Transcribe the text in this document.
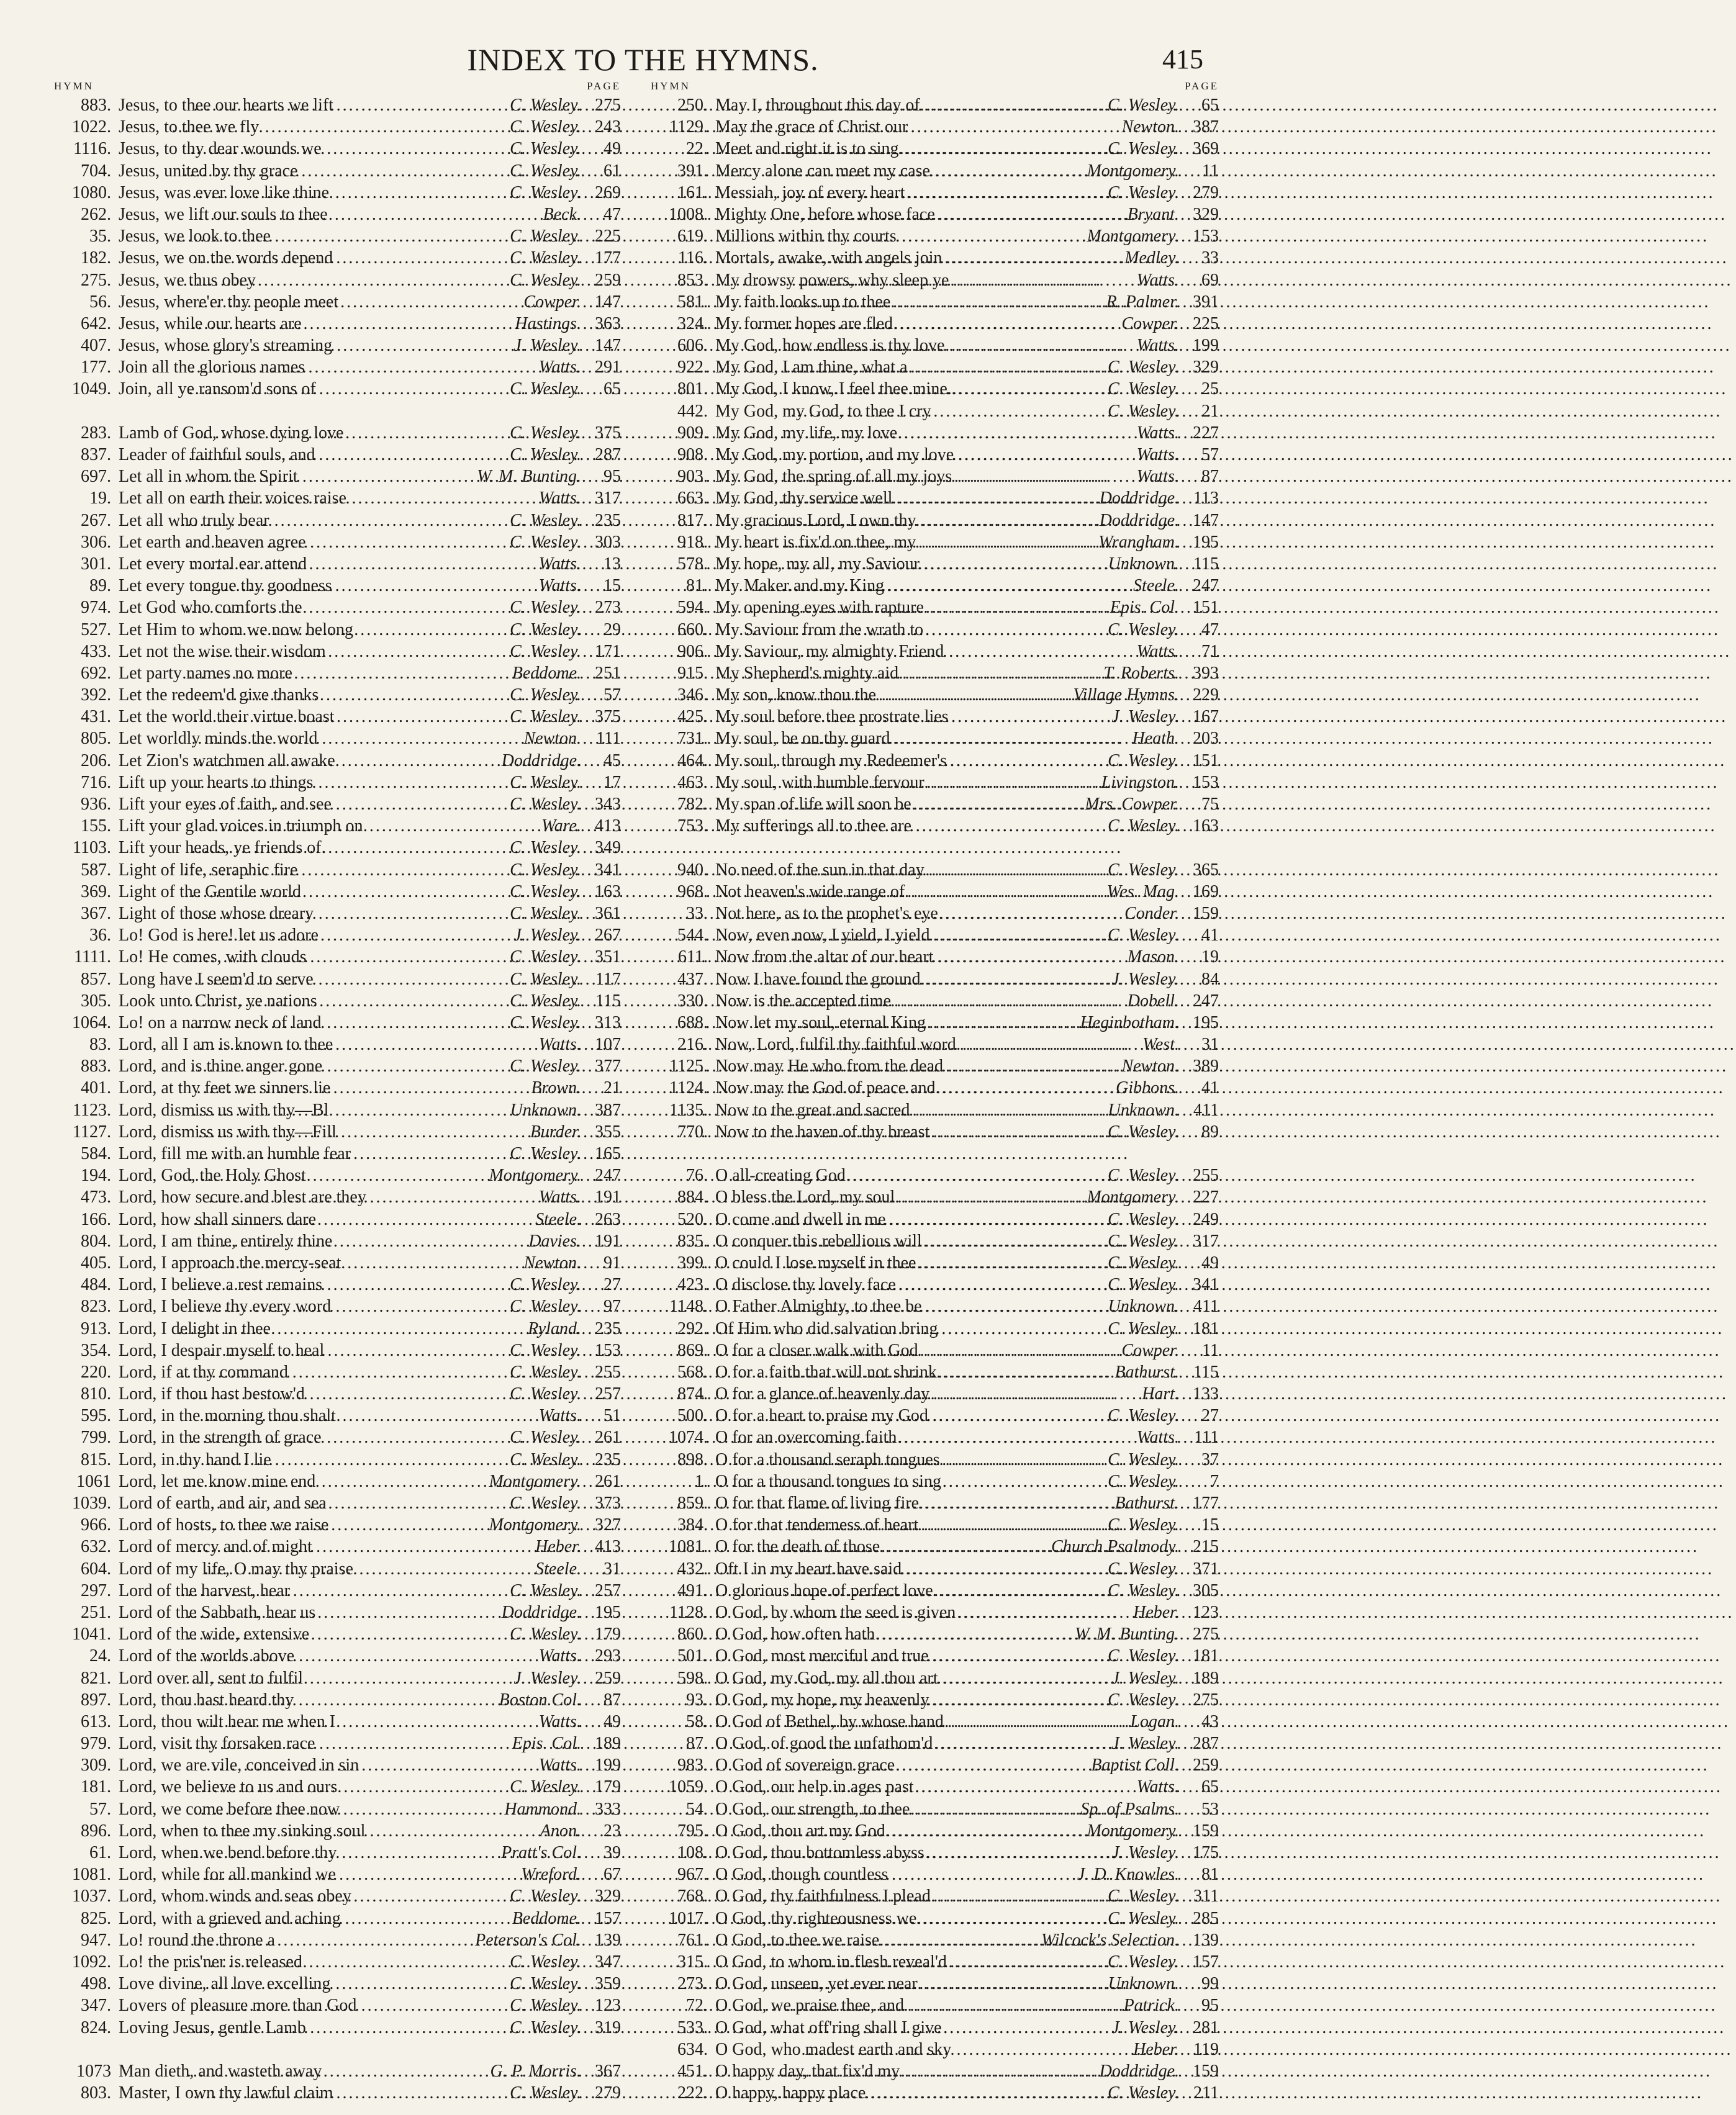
INDEX TO THE HYMNS.	415
HYMN	PAGE
883. Jesus, to thee our hearts we lift .....	C. Wesley. 275
1022. Jesus, to thee we fly .....	C. Wesley. 243
1116. Jesus, to thy dear wounds we .....	C. Wesley.	49
704. Jesus, united by thy grace .....	C. Wesley.	61
1080. Jesus, was ever love like thine .....	C. Wesley. 269
262. Jesus, we lift our souls to thee .....	Beck.	47
35. Jesus, we look to thee .....	C. Wesley. 225
182. Jesus, we on the words depend .....	C. Wesley. 177
275. Jesus, we thus obey .....	C. Wesley. 259
56. Jesus, where'er thy people meet .....	Cowper. 147
642. Jesus, while our hearts are .....	Hastings. 363
407. Jesus, whose glory's streaming .....	J. Wesley. 147
177. Join all the glorious names .....	Watts. 291
1049. Join, all ye ransom'd sons of .....	C. Wesley.	65
283. Lamb of God, whose dying love .....	C. Wesley. 375
837. Leader of faithful souls, and .....	C. Wesley. 287
697. Let all in whom the Spirit .....	W. M. Bunting.	95
19. Let all on earth their voices raise .....	Watts. 317
267. Let all who truly bear .....	C. Wesley. 235
306. Let earth and heaven agree .....	C. Wesley. 303
301. Let every mortal ear attend .....	Watts.	13
89. Let every tongue thy goodness .....	Watts.	15
974. Let God who comforts the .....	C. Wesley. 273
527. Let Him to whom we now belong .....	C. Wesley.	29
433. Let not the wise their wisdom .....	C. Wesley. 171
692. Let party names no more .....	Beddome. 251
392. Let the redeem'd give thanks .....	C. Wesley.	57
431. Let the world their virtue boast .....	C. Wesley. 375
805. Let worldly minds the world .....	Newton. 111
206. Let Zion's watchmen all awake .....	Doddridge.	45
716. Lift up your hearts to things .....	C. Wesley.	17
936. Lift your eyes of faith, and see .....	C. Wesley. 343
155. Lift your glad voices in triumph on .....	Ware. 413
1103. Lift your heads, ye friends of. .....	C. Wesley. 349
587. Light of life, seraphic fire .....	C. Wesley. 341
369. Light of the Gentile world .....	C. Wesley. 163
367. Light of those whose dreary .....	C. Wesley. 361
36. Lo! God is here! let us adore .....	J. Wesley. 267
1111. Lo! He comes, with clouds .....	C. Wesley. 351
857. Long have I seem'd to serve .....	C. Wesley. 117
305. Look unto Christ, ye nations .....	C. Wesley. 115
1064. Lo! on a narrow neck of land .....	C. Wesley. 313
83. Lord, all I am is known to thee .....	Watts. 107
883. Lord, and is thine anger gone .....	C. Wesley. 377
401. Lord, at thy feet we sinners lie .....	Brown.	21
1123. Lord, dismiss us with thy—Bl .....	Unknown. 387
1127. Lord, dismiss us with thy—Fill .....	Burder. 355
584. Lord, fill me with an humble fear .....	C. Wesley. 165
194. Lord, God, the Holy Ghost .....	Montgomery. 247
473. Lord, how secure and blest are they .....	Watts. 191
166. Lord, how shall sinners dare .....	Steele. 263
804. Lord, I am thine, entirely thine .....	Davies. 191
405. Lord, I approach the mercy-seat .....	Newton.	91
484. Lord, I believe a rest remains .....	C. Wesley.	27
823. Lord, I believe thy every word .....	C. Wesley.	97
913. Lord, I delight in thee .....	Ryland. 235
354. Lord, I despair myself to heal .....	C. Wesley. 153
220. Lord, if at thy command .....	C. Wesley. 255
810. Lord, if thou hast bestow'd .....	C. Wesley. 257
595. Lord, in the morning thou shalt .....	Watts.	51
799. Lord, in the strength of grace .....	C. Wesley. 261
815. Lord, in thy hand I lie .....	C. Wesley. 235
1061 Lord, let me know mine end .....	Montgomery. 261
1039. Lord of earth, and air, and sea .....	C. Wesley. 373
966. Lord of hosts, to thee we raise .....	Montgomery. 327
632. Lord of mercy and of might .....	Heber. 413
604. Lord of my life, O may thy praise .....	Steele.	31
297. Lord of the harvest, hear .....	C. Wesley. 257
251. Lord of the Sabbath, hear us .....	Doddridge. 195
1041. Lord of the wide, extensive .....	C. Wesley. 179
24. Lord of the worlds above .....	Watts. 293
821. Lord over all, sent to fulfil .....	J. Wesley. 259
897. Lord, thou hast heard thy .....	Boston Col.	87
613. Lord, thou wilt hear me when I .....	Watts.	49
979. Lord, visit thy forsaken race .....	Epis. Col. 189
309. Lord, we are vile, conceived in sin .....	Watts. 199
181. Lord, we believe to us and ours .....	C. Wesley. 179
57. Lord, we come before thee now .....	Hammond. 333
896. Lord, when to thee my sinking soul .....	Anon.	23
61. Lord, when we bend before thy .....	Pratt's Col.	39
1081. Lord, while for all mankind we .....	Wreford.	67
1037. Lord, whom winds and seas obey .....	C. Wesley. 329
825. Lord, with a grieved and aching .....	Beddome. 157
947. Lo! round the throne a .....	Peterson's Col. 139
1092. Lo! the pris'ner is released .....	C. Wesley. 347
498. Love divine, all love excelling .....	C. Wesley. 359
347. Lovers of pleasure more than God .....	C. Wesley. 123
824. Loving Jesus, gentle Lamb .....	C. Wesley. 319
1073 Man dieth, and wasteth away .....	G. P. Morris. 367
803. Master, I own thy lawful claim .....	C. Wesley. 279
HYMN	PAGE
250. May I, throughout this day of .....	C. Wesley.	65
1129. May the grace of Christ our .....	Newton. 387
22. Meet and right it is to sing .....	C. Wesley. 369
391. Mercy alone can meet my case .....	Montgomery.	11
161. Messiah, joy of every heart .....	C. Wesley. 279
1008. Mighty One, before whose face .....	Bryant. 329
619. Millions within thy courts .....	Montgomery. 153
116. Mortals, awake, with angels join .....	Medley.	33
853. My drowsy powers, why sleep ye .....	Watts.	69
581. My faith looks up to thee .....	R. Palmer. 391
324. My former hopes are fled .....	Cowper. 225
606. My God, how endless is thy love .....	Watts. 199
922. My God, I am thine, what a .....	C. Wesley. 329
801. My God, I know, I feel thee mine. .....	C. Wesley.	25
442. My God, my God, to thee I cry .....	C. Wesley.	21
909. My God, my life, my love .....	Watts. 227
908. My God, my portion, and my love .....	Watts.	57
903. My God, the spring of all my joys .....	Watts.	87
663. My God, thy service well .....	Doddridge. 113
817. My gracious Lord, I own thy .....	Doddridge. 147
918. My heart is fix'd on thee, my .....	Wrangham. 195
578. My hope, my all, my Saviour .....	Unknown. 115
81. My Maker and my King .....	Steele. 247
594. My opening eyes with rapture .....	Epis. Col. 151
660. My Saviour from the wrath to .....	C. Wesley.	47
906. My Saviour, my almighty Friend .....	Watts.	71
915. My Shepherd's mighty aid .....	T. Roberts. 393
346. My son, know thou the .....	Village Hymns. 229
425. My soul before thee prostrate lies .....	J. Wesley. 167
731. My soul, be on thy guard .....	Heath. 203
464. My soul, through my Redeemer's .....	C. Wesley. 151
463. My soul, with humble fervour .....	Livingston. 153
782. My span of life will soon be .....	Mrs. Cowper.	75
753. My sufferings all to thee are .....	C. Wesley. 163
940. No need of the sun in that day .....	C. Wesley. 365
968. Not heaven's wide range of .....	Wes. Mag. 169
33. Not here, as to the prophet's eye .....	Conder. 159
544. Now, even now, I yield, I yield .....	C. Wesley.	41
611. Now from the altar of our heart .....	Mason.	19
437. Now I have found the ground .....	J. Wesley.	84
330. Now is the accepted time .....	Dobell. 247
688. Now let my soul, eternal King .....	Heginbotham. 195
216. Now, Lord, fulfil thy faithful word .....	West.	31
1125. Now may He who from the dead .....	Newton. 389
1124. Now may the God of peace and .....	Gibbons.	41
1135. Now to the great and sacred .....	Unknown. 411
770. Now to the haven of thy breast .....	C. Wesley.	89
76. O all-creating God .....	C. Wesley. 255
884. O bless the Lord, my soul .....	Montgomery. 227
520. O come and dwell in me .....	C. Wesley. 249
835. O conquer this rebellious will .....	C. Wesley. 317
399. O could I lose myself in thee .....	C. Wesley.	49
423. O disclose thy lovely face .....	C. Wesley. 341
1148. O Father Almighty, to thee be .....	Unknown. 411
292. Of Him who did salvation bring .....	C. Wesley. 181
869. O for a closer walk with God .....	Cowper.	11
568. O for a faith that will not shrink .....	Bathurst. 115
874. O for a glance of heavenly day .....	Hart. 133
500. O for a heart to praise my God .....	C. Wesley.	27
1074. O for an overcoming faith .....	Watts. 111
898. O for a thousand seraph tongues .....	C. Wesley.	37
1. O for a thousand tongues to sing .....	C. Wesley.	7
859. O for that flame of living fire .....	Bathurst. 177
384. O for that tenderness of heart .....	C. Wesley.	15
1081. O for the death of those .....	Church Psalmody. 215
432. Oft I in my heart have said .....	C. Wesley. 371
491. O glorious hope of perfect love .....	C. Wesley. 305
1128. O God, by whom the seed is given .....	Heber. 123
860. O God, how often hath .....	W. M. Bunting. 275
501. O God, most merciful and true .....	C. Wesley. 181
598. O God, my God, my all thou art .....	J. Wesley. 189
93. O God, my hope, my heavenly .....	C. Wesley. 275
58. O God of Bethel, by whose hand .....	Logan.	43
87. O God, of good the unfathom'd .....	J. Wesley. 287
983. O God of sovereign grace .....	Baptist Coll. 259
1059. O God, our help in ages past .....	Watts.	65
54. O God, our strength, to thee .....	Sp. of Psalms.	53
795. O God, thou art my God .....	Montgomery. 159
108. O God, thou bottomless abyss .....	J. Wesley. 175
967. O God, though countless .....	J. D. Knowles.	81
768. O God, thy faithfulness I plead .....	C. Wesley. 311
1017. O God, thy righteousness we .....	C. Wesley. 285
761. O God, to thee we raise .....	Wilcock's Selection. 139
315. O God, to whom in flesh reveal'd .....	C. Wesley. 157
273. O God, unseen, yet ever near .....	Unknown.	99
72. O God, we praise thee, and .....	Patrick.	95
533. O God, what off'ring shall I give .....	J. Wesley. 281
634. O God, who madest earth and sky .....	Heber. 119
451. O happy day, that fix'd my .....	Doddridge. 159
222. O happy, happy place .....	C. Wesley. 211
